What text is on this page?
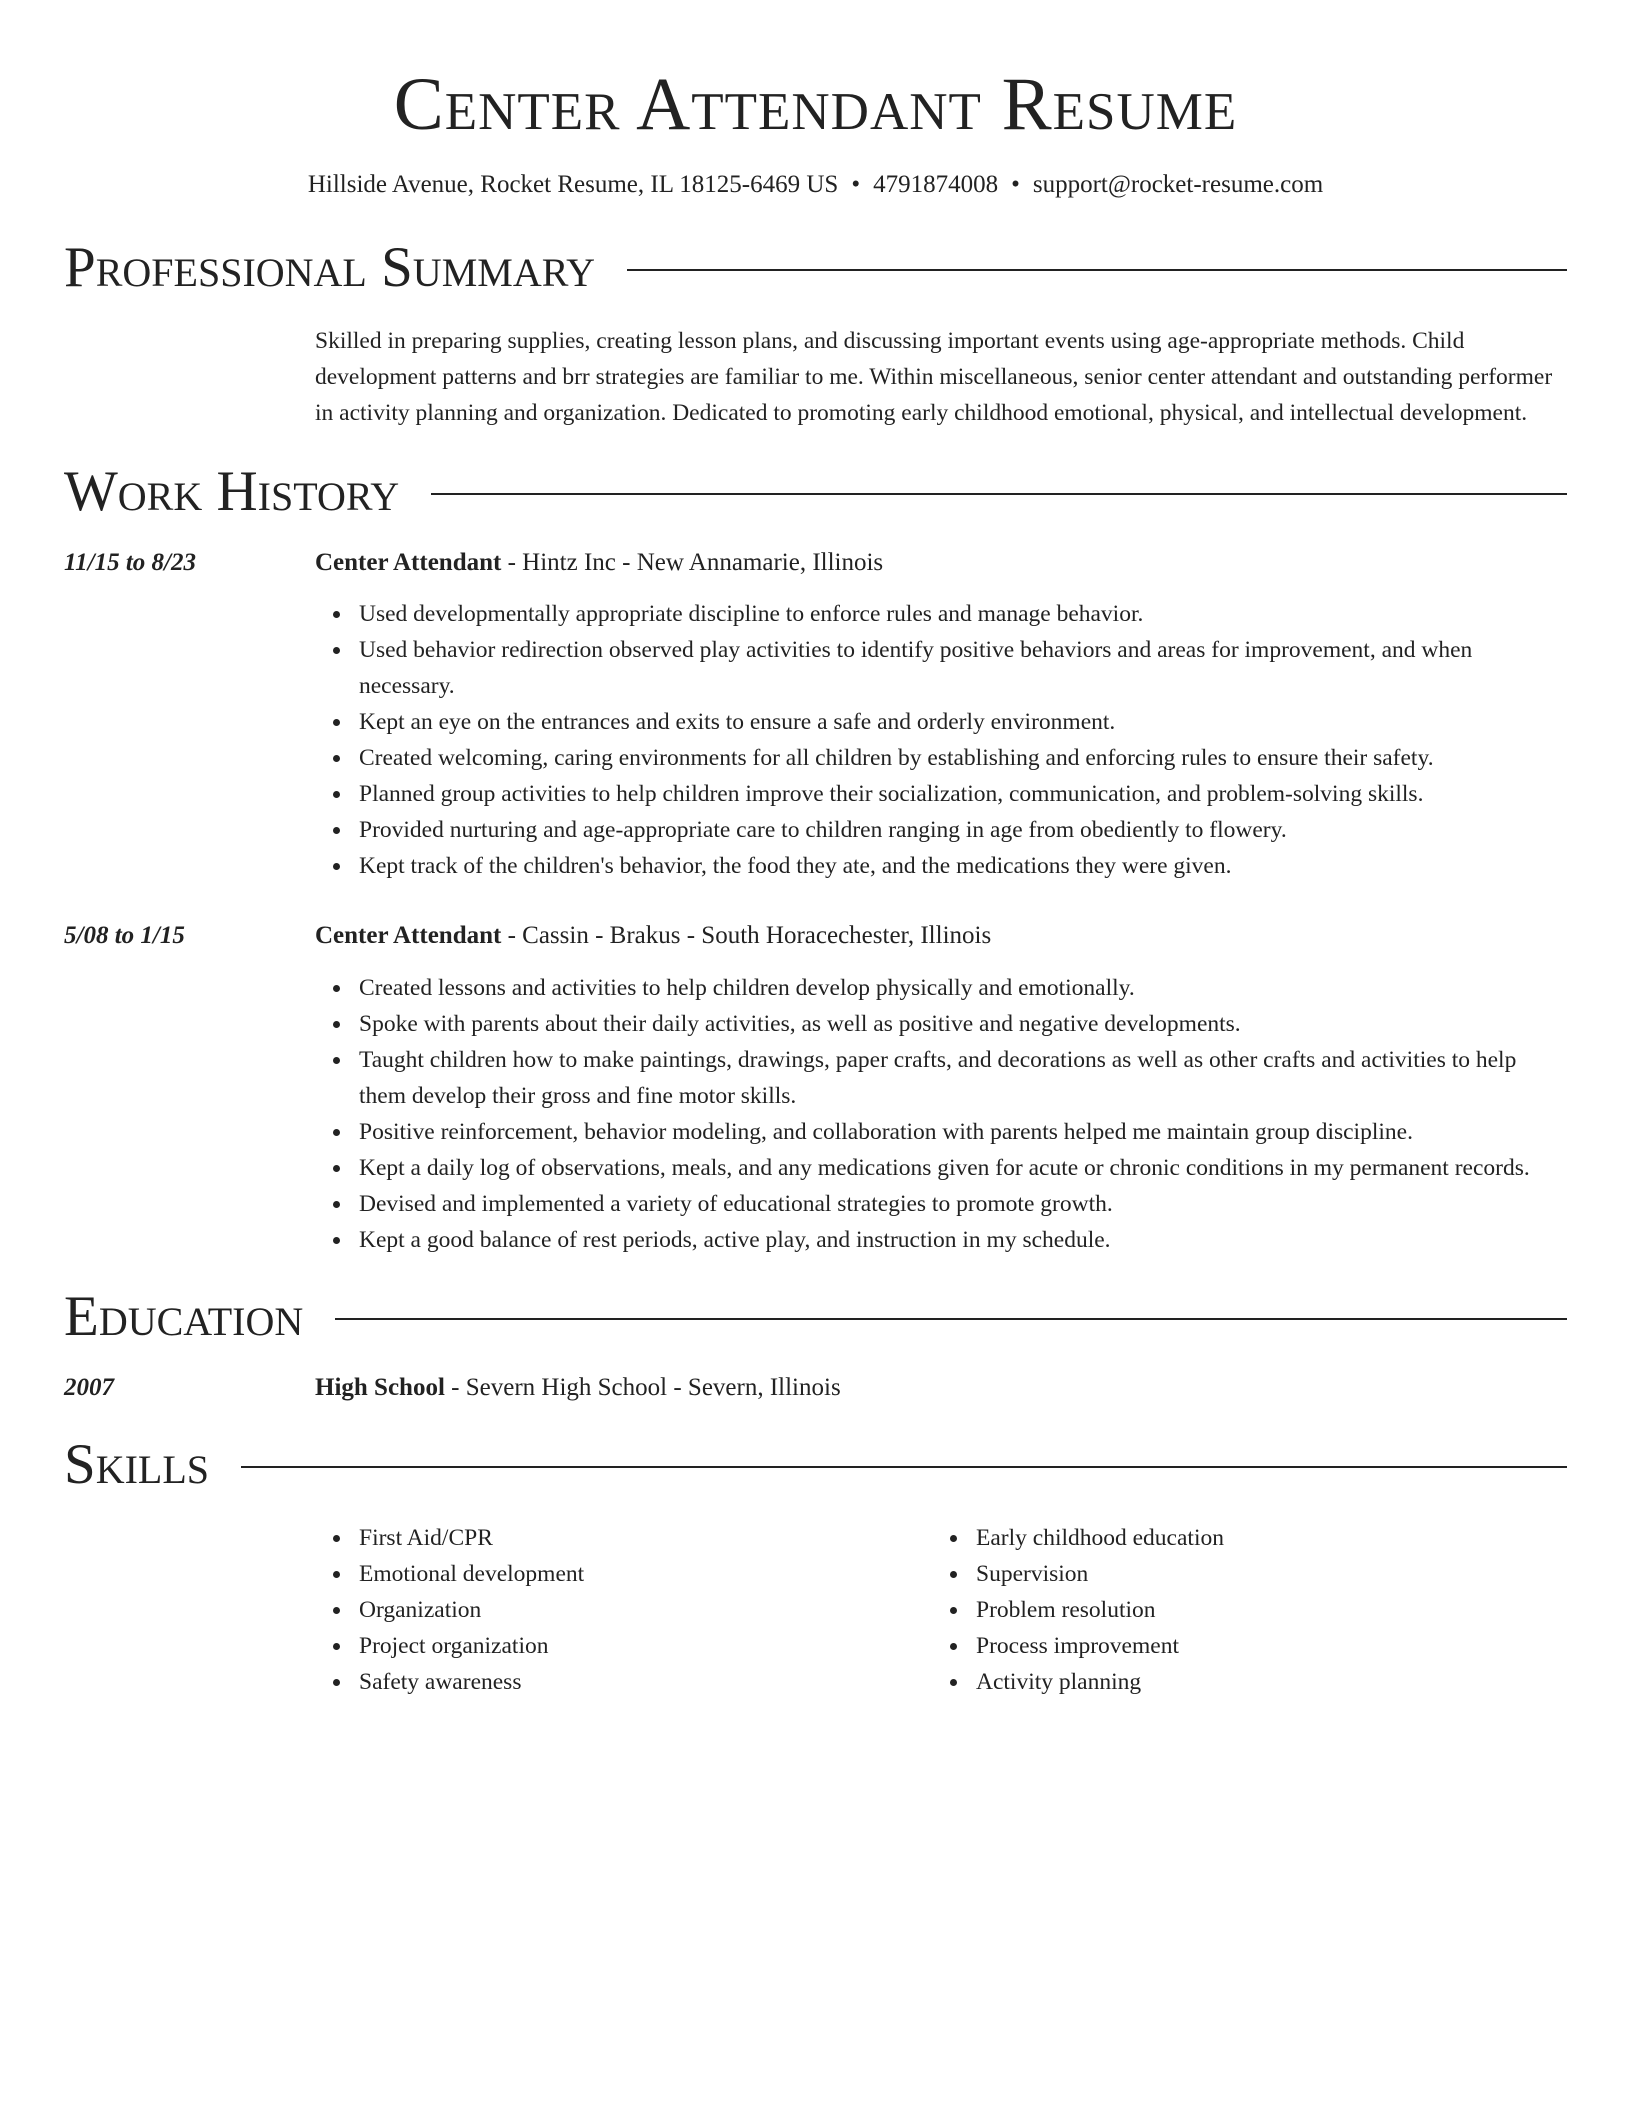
Center Attendant Resume
Hillside Avenue, Rocket Resume, IL 18125-6469 US • 4791874008 • support@rocket-resume.com
Professional Summary

Skilled in preparing supplies, creating lesson plans, and discussing important events using age-appropriate methods. Child development patterns and brr strategies are familiar to me. Within miscellaneous, senior center attendant and outstanding performer in activity planning and organization. Dedicated to promoting early childhood emotional, physical, and intellectual development.

Work History
11/15 to 8/23	Center Attendant - Hintz Inc - New Annamarie, Illinois
Used developmentally appropriate discipline to enforce rules and manage behavior.
Used behavior redirection observed play activities to identify positive behaviors and areas for improvement, and when necessary.
Kept an eye on the entrances and exits to ensure a safe and orderly environment.
Created welcoming, caring environments for all children by establishing and enforcing rules to ensure their safety.
Planned group activities to help children improve their socialization, communication, and problem-solving skills.
Provided nurturing and age-appropriate care to children ranging in age from obediently to flowery.
Kept track of the children's behavior, the food they ate, and the medications they were given.
5/08 to 1/15	Center Attendant - Cassin - Brakus - South Horacechester, Illinois
Created lessons and activities to help children develop physically and emotionally.
Spoke with parents about their daily activities, as well as positive and negative developments.
Taught children how to make paintings, drawings, paper crafts, and decorations as well as other crafts and activities to help them develop their gross and fine motor skills.
Positive reinforcement, behavior modeling, and collaboration with parents helped me maintain group discipline.
Kept a daily log of observations, meals, and any medications given for acute or chronic conditions in my permanent records.
Devised and implemented a variety of educational strategies to promote growth.
Kept a good balance of rest periods, active play, and instruction in my schedule.
Education
2007	High School - Severn High School - Severn, Illinois
Skills
First Aid/CPR
Emotional development
Organization
Project organization
Safety awareness
Early childhood education
Supervision
Problem resolution
Process improvement
Activity planning
